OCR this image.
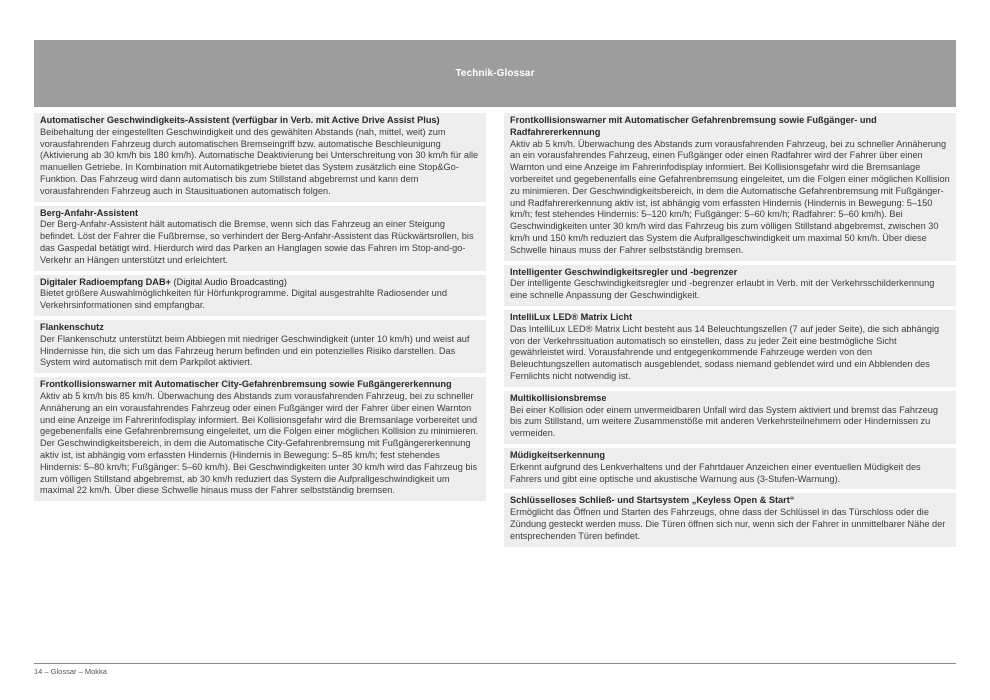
Technik-Glossar
Automatischer Geschwindigkeits-Assistent (verfügbar in Verb. mit Active Drive Assist Plus)
Beibehaltung der eingestellten Geschwindigkeit und des gewählten Abstands (nah, mittel, weit) zum vorausfahrenden Fahrzeug durch automatischen Bremseingriff bzw. automatische Beschleunigung (Aktivierung ab 30 km/h bis 180 km/h). Automatische Deaktivierung bei Unterschreitung von 30 km/h für alle manuellen Getriebe. In Kombination mit Automatikgetriebe bietet das System zusätzlich eine Stop&Go-Funktion. Das Fahrzeug wird dann automatisch bis zum Stillstand abgebremst und kann dem vorausfahrenden Fahrzeug auch in Stausituationen automatisch folgen.
Berg-Anfahr-Assistent
Der Berg-Anfahr-Assistent hält automatisch die Bremse, wenn sich das Fahrzeug an einer Steigung befindet. Löst der Fahrer die Fußbremse, so verhindert der Berg-Anfahr-Assistent das Rückwärtsrollen, bis das Gaspedal betätigt wird. Hierdurch wird das Parken an Hanglagen sowie das Fahren im Stop-and-go-Verkehr an Hängen unterstützt und erleichtert.
Digitaler Radioempfang DAB+ (Digital Audio Broadcasting)
Bietet größere Auswahlmöglichkeiten für Hörfunkprogramme. Digital ausgestrahlte Radiosender und Verkehrsinformationen sind empfangbar.
Flankenschutz
Der Flankenschutz unterstützt beim Abbiegen mit niedriger Geschwindigkeit (unter 10 km/h) und weist auf Hindernisse hin, die sich um das Fahrzeug herum befinden und ein potenzielles Risiko darstellen. Das System wird automatisch mit dem Parkpilot aktiviert.
Frontkollisionswarner mit Automatischer City-Gefahrenbremsung sowie Fußgängererkennung
Aktiv ab 5 km/h bis 85 km/h. Überwachung des Abstands zum vorausfahrenden Fahrzeug, bei zu schneller Annäherung an ein vorausfahrendes Fahrzeug oder einen Fußgänger wird der Fahrer über einen Warnton und eine Anzeige im Fahrerinfodisplay informiert. Bei Kollisionsgefahr wird die Bremsanlage vorbereitet und gegebenenfalls eine Gefahrenbremsung eingeleitet, um die Folgen einer möglichen Kollision zu minimieren. Der Geschwindigkeitsbereich, in dem die Automatische City-Gefahrenbremsung mit Fußgängererkennung aktiv ist, ist abhängig vom erfassten Hindernis (Hindernis in Bewegung: 5–85 km/h; fest stehendes Hindernis: 5–80 km/h; Fußgänger: 5–60 km/h). Bei Geschwindigkeiten unter 30 km/h wird das Fahrzeug bis zum völligen Stillstand abgebremst, ab 30 km/h reduziert das System die Aufprallgeschwindigkeit um maximal 22 km/h. Über diese Schwelle hinaus muss der Fahrer selbstständig bremsen.
Frontkollisionswarner mit Automatischer Gefahrenbremsung sowie Fußgänger- und Radfahrererkennung
Aktiv ab 5 km/h. Überwachung des Abstands zum vorausfahrenden Fahrzeug, bei zu schneller Annäherung an ein vorausfahrendes Fahrzeug, einen Fußgänger oder einen Radfahrer wird der Fahrer über einen Warnton und eine Anzeige im Fahrerinfodisplay informiert. Bei Kollisionsgefahr wird die Bremsanlage vorbereitet und gegebenenfalls eine Gefahrenbremsung eingeleitet, um die Folgen einer möglichen Kollision zu minimieren. Der Geschwindigkeitsbereich, in dem die Automatische Gefahrenbremsung mit Fußgänger- und Radfahrererkennung aktiv ist, ist abhängig vom erfassten Hindernis (Hindernis in Bewegung: 5–150 km/h; fest stehendes Hindernis: 5–120 km/h; Fußgänger: 5–60 km/h; Radfahrer: 5–60 km/h). Bei Geschwindigkeiten unter 30 km/h wird das Fahrzeug bis zum völligen Stillstand abgebremst, zwischen 30 km/h und 150 km/h reduziert das System die Aufprallgeschwindigkeit um maximal 50 km/h. Über diese Schwelle hinaus muss der Fahrer selbstständig bremsen.
Intelligenter Geschwindigkeitsregler und -begrenzer
Der intelligente Geschwindigkeitsregler und -begrenzer erlaubt in Verb. mit der Verkehrsschilderkennung eine schnelle Anpassung der Geschwindigkeit.
IntelliLux LED® Matrix Licht
Das IntelliLux LED® Matrix Licht besteht aus 14 Beleuchtungszellen (7 auf jeder Seite), die sich abhängig von der Verkehrssituation automatisch so einstellen, dass zu jeder Zeit eine bestmögliche Sicht gewährleistet wird. Vorausfahrende und entgegenkommende Fahrzeuge werden von den Beleuchtungszellen automatisch ausgeblendet, sodass niemand geblendet wird und ein Abblenden des Fernlichts nicht notwendig ist.
Multikollisionsbremse
Bei einer Kollision oder einem unvermeidbaren Unfall wird das System aktiviert und bremst das Fahrzeug bis zum Stillstand, um weitere Zusammenstöße mit anderen Verkehrsteilnehmern oder Hindernissen zu vermeiden.
Müdigkeitserkennung
Erkennt aufgrund des Lenkverhaltens und der Fahrtdauer Anzeichen einer eventuellen Müdigkeit des Fahrers und gibt eine optische und akustische Warnung aus (3-Stufen-Warnung).
Schlüsselloses Schließ- und Startsystem „Keyless Open & Start“
Ermöglicht das Öffnen und Starten des Fahrzeugs, ohne dass der Schlüssel in das Türschloss oder die Zündung gesteckt werden muss. Die Türen öffnen sich nur, wenn sich der Fahrer in unmittelbarer Nähe der entsprechenden Türen befindet.
14 – Glossar – Mokka
